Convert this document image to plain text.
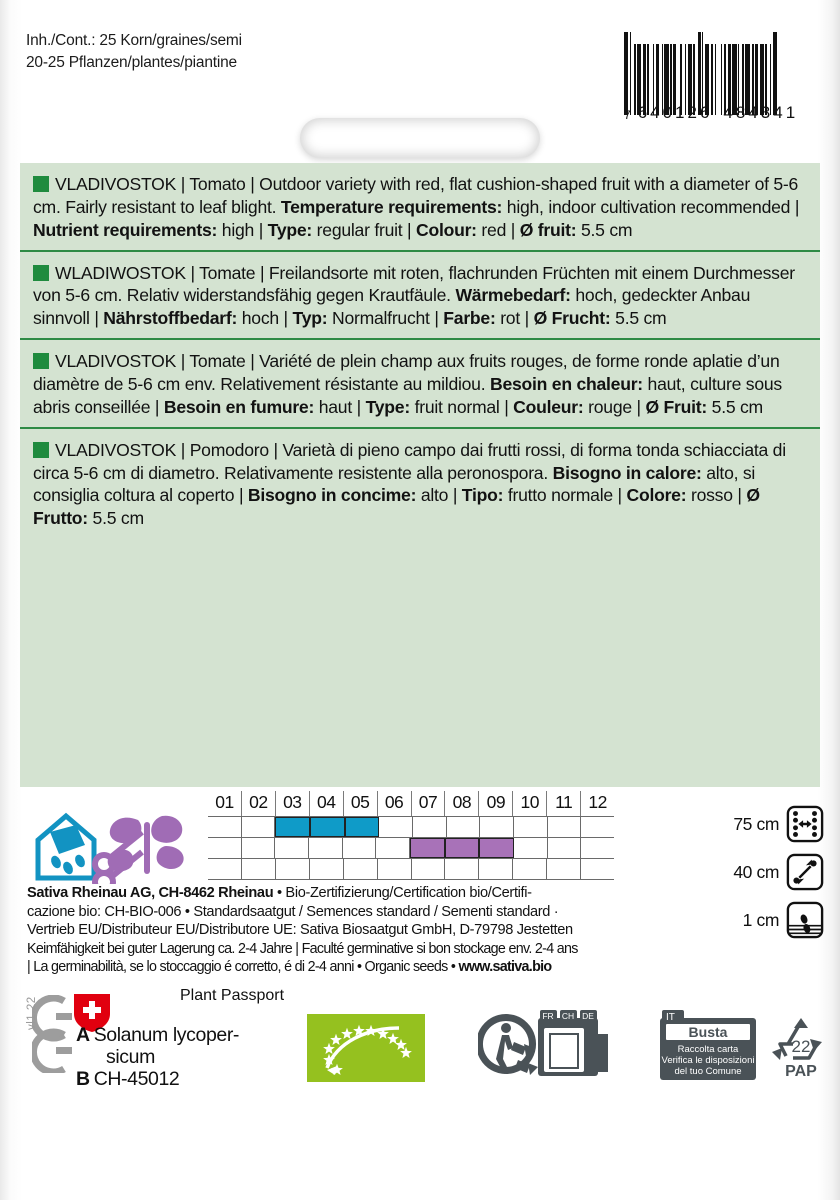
Inh./Cont.: 25 Korn/graines/semi
20-25 Pflanzen/plantes/piantine
7 640126 484341

VLADIVOSTOK | Tomato | Outdoor variety with red, flat cushion-shaped fruit with a diameter of 5-6 cm. Fairly resistant to leaf blight. Temperature requirements: high, indoor cultivation recommended | Nutrient requirements: high | Type: regular fruit | Colour: red | Ø fruit: 5.5 cm

WLADIWOSTOK | Tomate | Freilandsorte mit roten, flachrunden Früchten mit einem Durchmesser von 5-6 cm. Relativ widerstandsfähig gegen Krautfäule. Wärmebedarf: hoch, gedeckter Anbau sinnvoll | Nährstoffbedarf: hoch | Typ: Normalfrucht | Farbe: rot | Ø Frucht: 5.5 cm

VLADIVOSTOK | Tomate | Variété de plein champ aux fruits rouges, de forme ronde aplatie d’un diamètre de 5-6 cm env. Relativement résistante au mildiou. Besoin en chaleur: haut, culture sous abris conseillée | Besoin en fumure: haut | Type: fruit normal | Couleur: rouge | Ø Fruit: 5.5 cm

VLADIVOSTOK | Pomodoro | Varietà di pieno campo dai frutti rossi, di forma tonda schiacciata di circa 5-6 cm di diametro. Relativamente resistente alla peronospora. Bisogno in calore: alto, si consiglia coltura al coperto | Bisogno in concime: alto | Tipo: frutto normale | Colore: rosso | Ø Frutto: 5.5 cm

01 02 03 04 05 06 07 08 09 10 11 12
75 cm
40 cm
1 cm

Sativa Rheinau AG, CH-8462 Rheinau • Bio-Zertifizierung/Certification bio/Certifi-

cazione bio: CH-BIO-006 • Standardsaatgut / Semences standard / Sementi standard ·

Vertrieb EU/Distributeur EU/Distributore UE: Sativa Biosaatgut GmbH, D-79798 Jestetten

Keimfähigkeit bei guter Lagerung ca. 2-4 Jahre | Faculté germinative si bon stockage env. 2-4 ans

| La germinabilità, se lo stoccaggio é corretto, é di 2-4 anni • Organic seeds • www.sativa.bio

vl1.22
Plant Passport
A Solanum lycoper-
sicum
B CH-45012
FR CH DE	IT
Busta
Raccolta carta
Verifica le disposizioni
del tuo Comune
22
PAP
